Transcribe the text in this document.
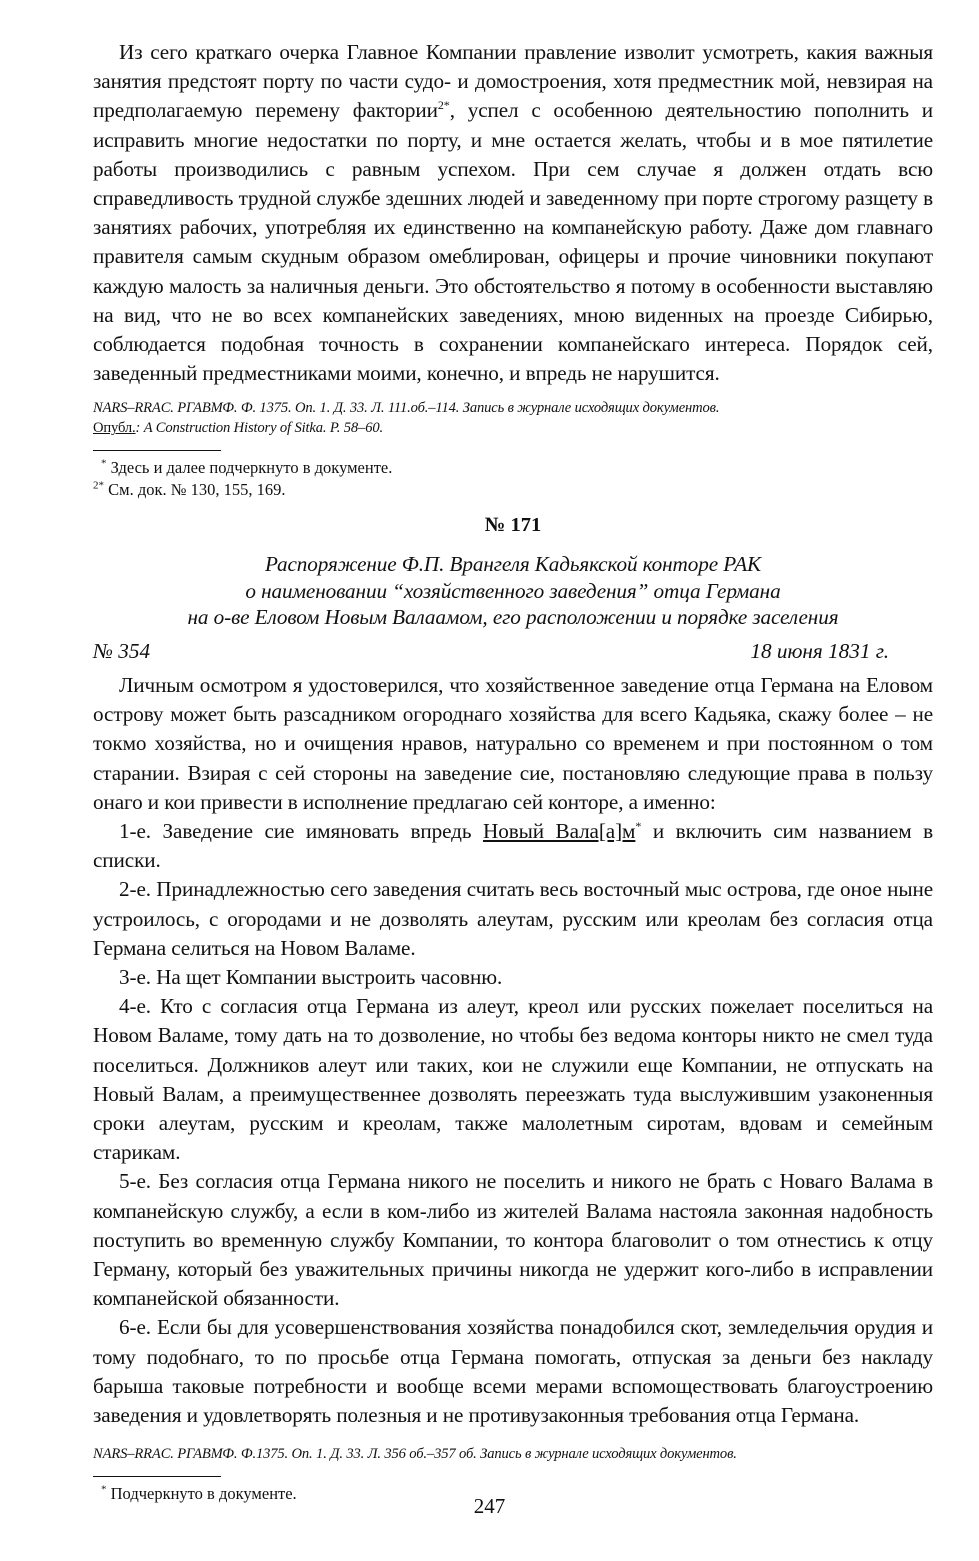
Из сего краткаго очерка Главное Компании правление изволит усмотреть, какия важныя занятия предстоят порту по части судо- и домостроения, хотя предместник мой, невзирая на предполагаемую перемену фактории$^{2*}$, успел с особенною деятельностию пополнить и исправить многие недостатки по порту, и мне остается желать, чтобы и в мое пятилетие работы производились с равным успехом. При сем случае я должен отдать всю справедливость трудной службе здешних людей и заведенному при порте строгому разщету в занятиях рабочих, употребляя их единственно на компанейскую работу. Даже дом главнаго правителя самым скудным образом омеблирован, офицеры и прочие чиновники покупают каждую малость за наличныя деньги. Это обстоятельство я потому в особенности выставляю на вид, что не во всех компанейских заведениях, мною виденных на проезде Сибирью, соблюдается подобная точность в сохранении компанейскаго интереса. Порядок сей, заведенный предместниками моими, конечно, и впредь не нарушится.

NARS–RRAC. РГАВМФ. Ф. 1375. Оп. 1. Д. 33. Л. 111.об.–114. Запись в журнале исходящих документов.
Опубл.: A Construction History of Sitka. P. 58–60.

* Здесь и далее подчеркнуто в документе.

$^{2*}$ См. док. № 130, 155, 169.

№ 171
Распоряжение Ф.П. Врангеля Кадьякской конторе РАК
о наименовании “хозяйственного заведения” отца Германа
на о-ве Еловом Новым Валаамом, его расположении и порядке заселения
№ 354	18 июня 1831 г.

Личным осмотром я удостоверился, что хозяйственное заведение отца Германа на Еловом острову может быть разсадником огороднаго хозяйства для всего Кадьяка, скажу более – не токмо хозяйства, но и очищения нравов, натурально со временем и при постоянном о том старании. Взирая с сей стороны на заведение сие, постановляю следующие права в пользу онаго и кои привести в исполнение предлагаю сей конторе, а именно:

1-е. Заведение сие имяновать впредь Новый Вала[а]м* и включить сим названием в списки.

2-е. Принадлежностью сего заведения считать весь восточный мыс острова, где оное ныне устроилось, с огородами и не дозволять алеутам, русским или креолам без согласия отца Германа селиться на Новом Валаме.

3-е. На щет Компании выстроить часовню.

4-е. Кто с согласия отца Германа из алеут, креол или русских пожелает поселиться на Новом Валаме, тому дать на то дозволение, но чтобы без ведома конторы никто не смел туда поселиться. Должников алеут или таких, кои не служили еще Компании, не отпускать на Новый Валам, а преимущественнее дозволять переезжать туда выслужившим узаконенныя сроки алеутам, русским и креолам, также малолетным сиротам, вдовам и семейным старикам.

5-е. Без согласия отца Германа никого не поселить и никого не брать с Новаго Валама в компанейскую службу, а если в ком-либо из жителей Валама настояла законная надобность поступить во временную службу Компании, то контора благоволит о том отнестись к отцу Герману, который без уважительных причины никогда не удержит кого-либо в исправлении компанейской обязанности.

6-е. Если бы для усовершенствования хозяйства понадобился скот, земледельчия орудия и тому подобнаго, то по просьбе отца Германа помогать, отпуская за деньги без накладу барыша таковые потребности и вообще всеми мерами вспомоществовать благоустроению заведения и удовлетворять полезныя и не противузаконныя требования отца Германа.

NARS–RRAC. РГАВМФ. Ф.1375. Оп. 1. Д. 33. Л. 356 об.–357 об. Запись в журнале исходящих документов.

* Подчеркнуто в документе.

247
